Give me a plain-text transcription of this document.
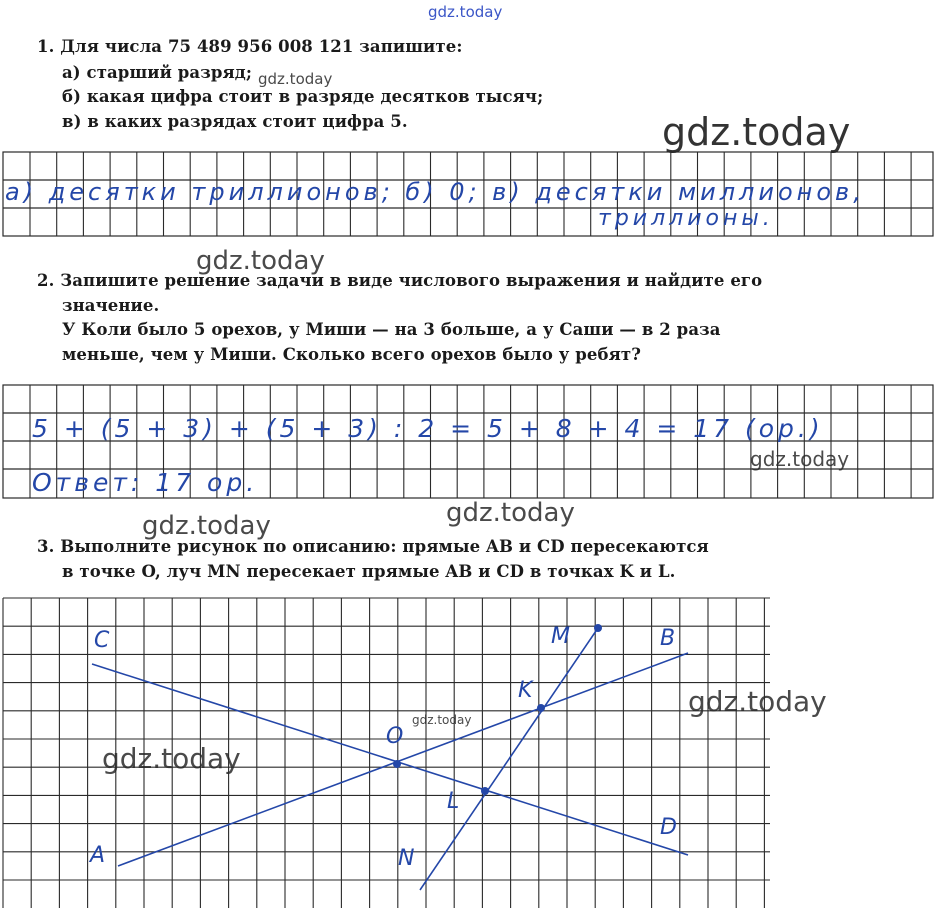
gdz.today
gdz.today
gdz.today
gdz.today
gdz.today
gdz.today	gdz.today
gdz.today
gdz.today
gdz.today
1. Для числа 75 489 956 008 121 запишите:
а) старший разряд;
б) какая цифра стоит в разряде десятков тысяч;
в) в каких разрядах стоит цифра 5.
а) десятки триллионов; б) 0; в) десятки миллионов,
триллионы.
2. Запишите решение задачи в виде числового выражения и найдите его
значение.
У Коли было 5 орехов, у Миши — на 3 больше, а у Саши — в 2 раза
меньше, чем у Миши. Сколько всего орехов было у ребят?
5 + (5 + 3) + (5 + 3) : 2 = 5 + 8 + 4 = 17 (ор.)
Ответ: 17 ор.
3. Выполните рисунок по описанию: прямые AB и CD пересекаются
в точке O, луч MN пересекает прямые AB и CD в точках K и L.
A
B
C
D
O
M
N
K
L
